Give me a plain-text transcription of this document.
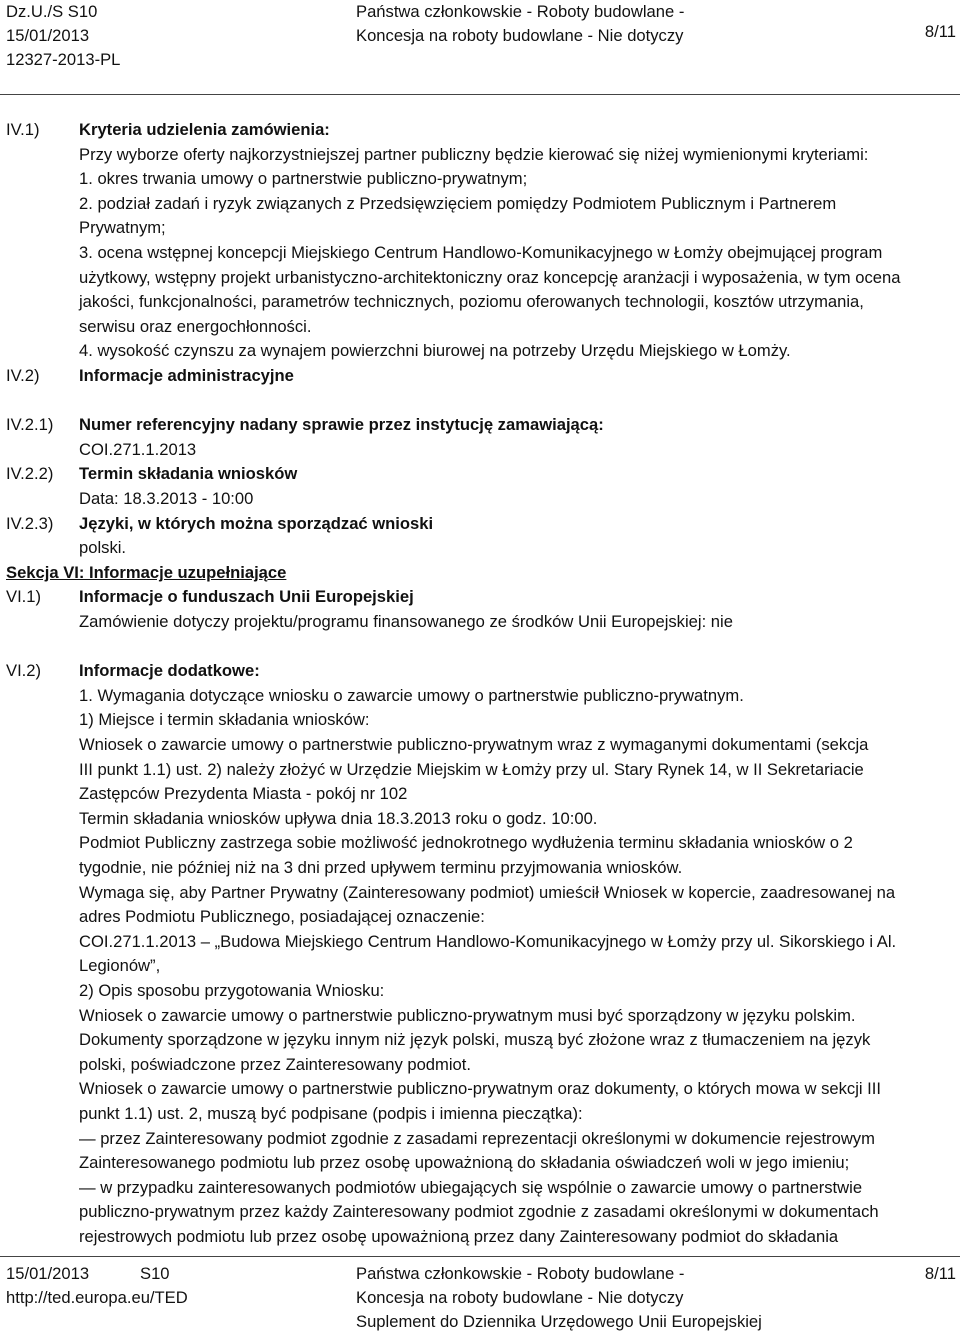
Dz.U./S S10
15/01/2013
12327-2013-PL
Państwa członkowskie - Roboty budowlane -
Koncesja na roboty budowlane - Nie dotyczy	8/11
IV.1) Kryteria udzielenia zamówienia:
Przy wyborze oferty najkorzystniejszej partner publiczny będzie kierować się niżej wymienionymi kryteriami:
1. okres trwania umowy o partnerstwie publiczno-prywatnym;
2. podział zadań i ryzyk związanych z Przedsięwzięciem pomiędzy Podmiotem Publicznym i Partnerem
Prywatnym;
3. ocena wstępnej koncepcji Miejskiego Centrum Handlowo-Komunikacyjnego w Łomży obejmującej program
użytkowy, wstępny projekt urbanistyczno-architektoniczny oraz koncepcję aranżacji i wyposażenia, w tym ocena
jakości, funkcjonalności, parametrów technicznych, poziomu oferowanych technologii, kosztów utrzymania,
serwisu oraz energochłonności.
4. wysokość czynszu za wynajem powierzchni biurowej na potrzeby Urzędu Miejskiego w Łomży.
IV.2) Informacje administracyjne
IV.2.1) Numer referencyjny nadany sprawie przez instytucję zamawiającą:
COI.271.1.2013
IV.2.2) Termin składania wniosków
Data: 18.3.2013 - 10:00
IV.2.3) Języki, w których można sporządzać wnioski
polski.
Sekcja VI: Informacje uzupełniające
VI.1) Informacje o funduszach Unii Europejskiej
Zamówienie dotyczy projektu/programu finansowanego ze środków Unii Europejskiej: nie
VI.2) Informacje dodatkowe:
1. Wymagania dotyczące wniosku o zawarcie umowy o partnerstwie publiczno-prywatnym.
1) Miejsce i termin składania wniosków:
Wniosek o zawarcie umowy o partnerstwie publiczno-prywatnym wraz z wymaganymi dokumentami (sekcja
III punkt 1.1) ust. 2) należy złożyć w Urzędzie Miejskim w Łomży przy ul. Stary Rynek 14, w II Sekretariacie
Zastępców Prezydenta Miasta - pokój nr 102
Termin składania wniosków upływa dnia 18.3.2013 roku o godz. 10:00.
Podmiot Publiczny zastrzega sobie możliwość jednokrotnego wydłużenia terminu składania wniosków o 2
tygodnie, nie później niż na 3 dni przed upływem terminu przyjmowania wniosków.
Wymaga się, aby Partner Prywatny (Zainteresowany podmiot) umieścił Wniosek w kopercie, zaadresowanej na
adres Podmiotu Publicznego, posiadającej oznaczenie:
COI.271.1.2013 – „Budowa Miejskiego Centrum Handlowo-Komunikacyjnego w Łomży przy ul. Sikorskiego i Al.
Legionów”,
2) Opis sposobu przygotowania Wniosku:
Wniosek o zawarcie umowy o partnerstwie publiczno-prywatnym musi być sporządzony w języku polskim.
Dokumenty sporządzone w języku innym niż język polski, muszą być złożone wraz z tłumaczeniem na język
polski, poświadczone przez Zainteresowany podmiot.
Wniosek o zawarcie umowy o partnerstwie publiczno-prywatnym oraz dokumenty, o których mowa w sekcji III
punkt 1.1) ust. 2, muszą być podpisane (podpis i imienna pieczątka):
— przez Zainteresowany podmiot zgodnie z zasadami reprezentacji określonymi w dokumencie rejestrowym
Zainteresowanego podmiotu lub przez osobę upoważnioną do składania oświadczeń woli w jego imieniu;
— w przypadku zainteresowanych podmiotów ubiegających się wspólnie o zawarcie umowy o partnerstwie
publiczno-prywatnym przez każdy Zainteresowany podmiot zgodnie z zasadami określonymi w dokumentach
rejestrowych podmiotu lub przez osobę upoważnioną przez dany Zainteresowany podmiot do składania
15/01/2013	S10
http://ted.europa.eu/TED
Państwa członkowskie - Roboty budowlane -
Koncesja na roboty budowlane - Nie dotyczy
8/11
Suplement do Dziennika Urzędowego Unii Europejskiej
